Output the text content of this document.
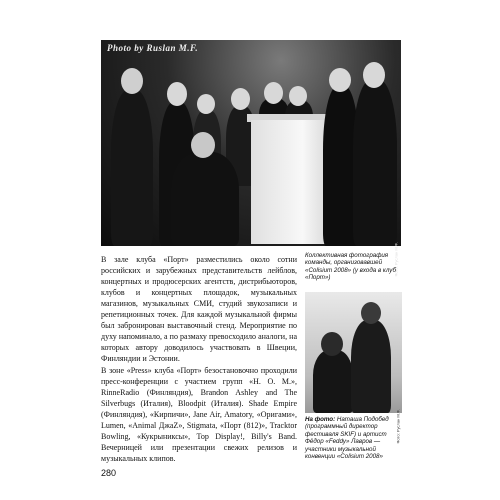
Photo by Ruslan M.F.
Фото: Руслан М.Ф.

Коллективная фотография команды, организовавшей «Colisium 2008» (у входа в клуб «Порт»)

Фото: Руслан М.Ф.

На фото: Наташа Подобед (программный директор фестиваля SKIF) и артист Фёдор «Feddy» Лавров — участники музыкальной конвенции «Colisium 2008»

В зале клуба «Порт» разместились около сотни российских и зарубежных представительств лейблов, концертных и продюсерских агентств, дистрибьюторов, клубов и концертных площадок, музыкальных магазинов, музыкальных СМИ, студий звукозаписи и репетиционных точек. Для каждой музыкальной фирмы был забронирован выставочный стенд. Мероприятие по духу напоминало, а по размаху превосходило аналоги, на которых автору доводилось участвовать в Швеции, Финляндии и Эстонии.

В зоне «Press» клуба «Порт» безостановочно проходили пресс-конференции с участием групп «Н. О. М.», RinneRadio (Финляндия), Brandon Ashley and The Silverbugs (Италия), Bloodpit (Италия). Shade Empire (Финляндия), «Кирпичи», Jane Air, Amatory, «Оригами», Lumen, «Animal ДжаZ», Stigmata, «Порт (812)», Tracktor Bowling, «Кукрыниксы», Top Display!, Billy's Band. Вечерницей или презентации свежих релизов и музыкальных клипов.

280
